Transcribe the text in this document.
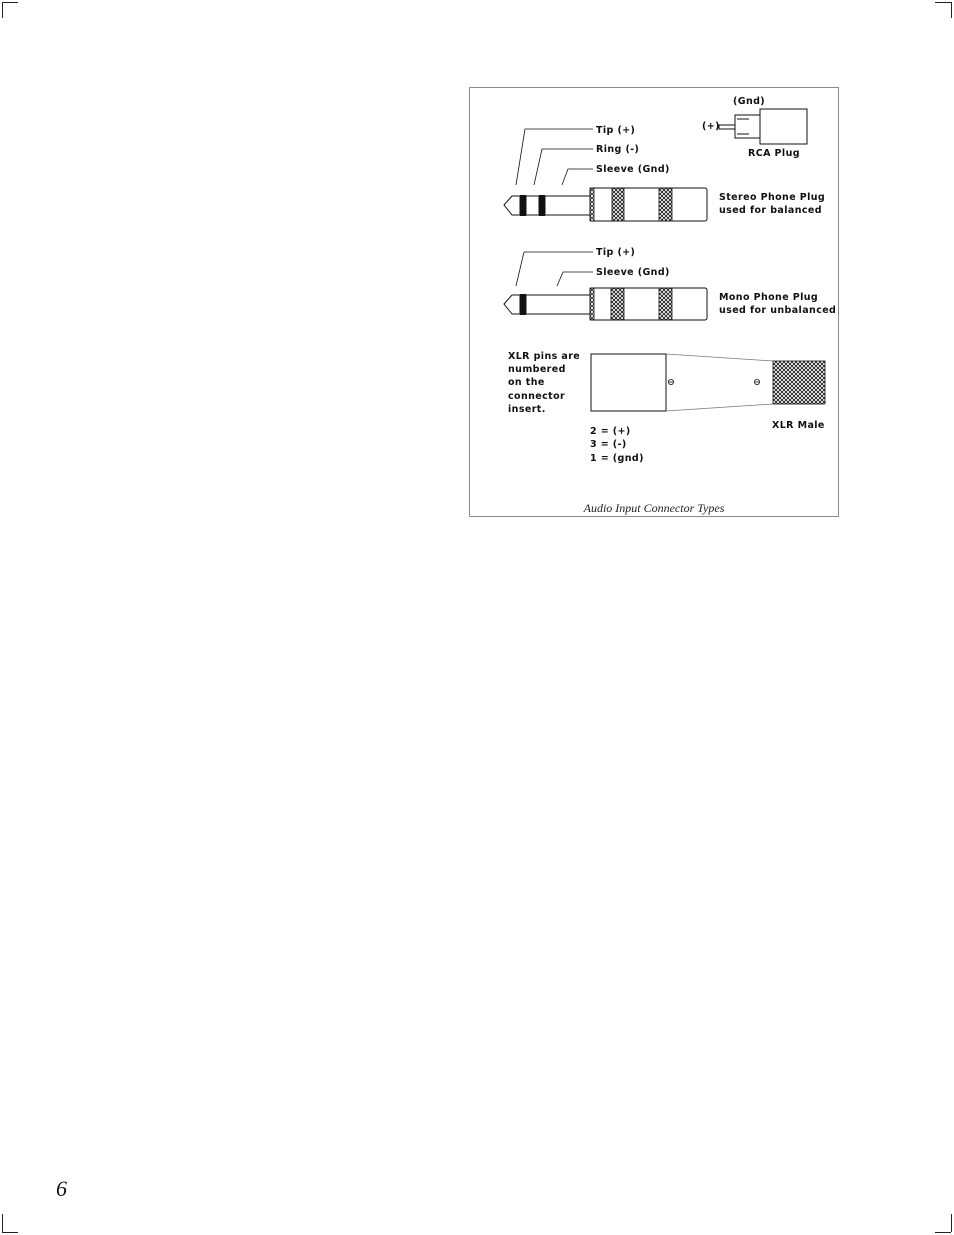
(Gnd)
(+)
RCA Plug
Tip (+)
Ring (-)
Sleeve (Gnd)
Stereo Phone Plug
used for balanced
Tip (+)
Sleeve (Gnd)
Mono Phone Plug
used for unbalanced
XLR pins are
numbered
on the
connector
insert.
2 = (+)
3 = (-)
1 = (gnd)
XLR Male
Audio Input Connector Types
6
